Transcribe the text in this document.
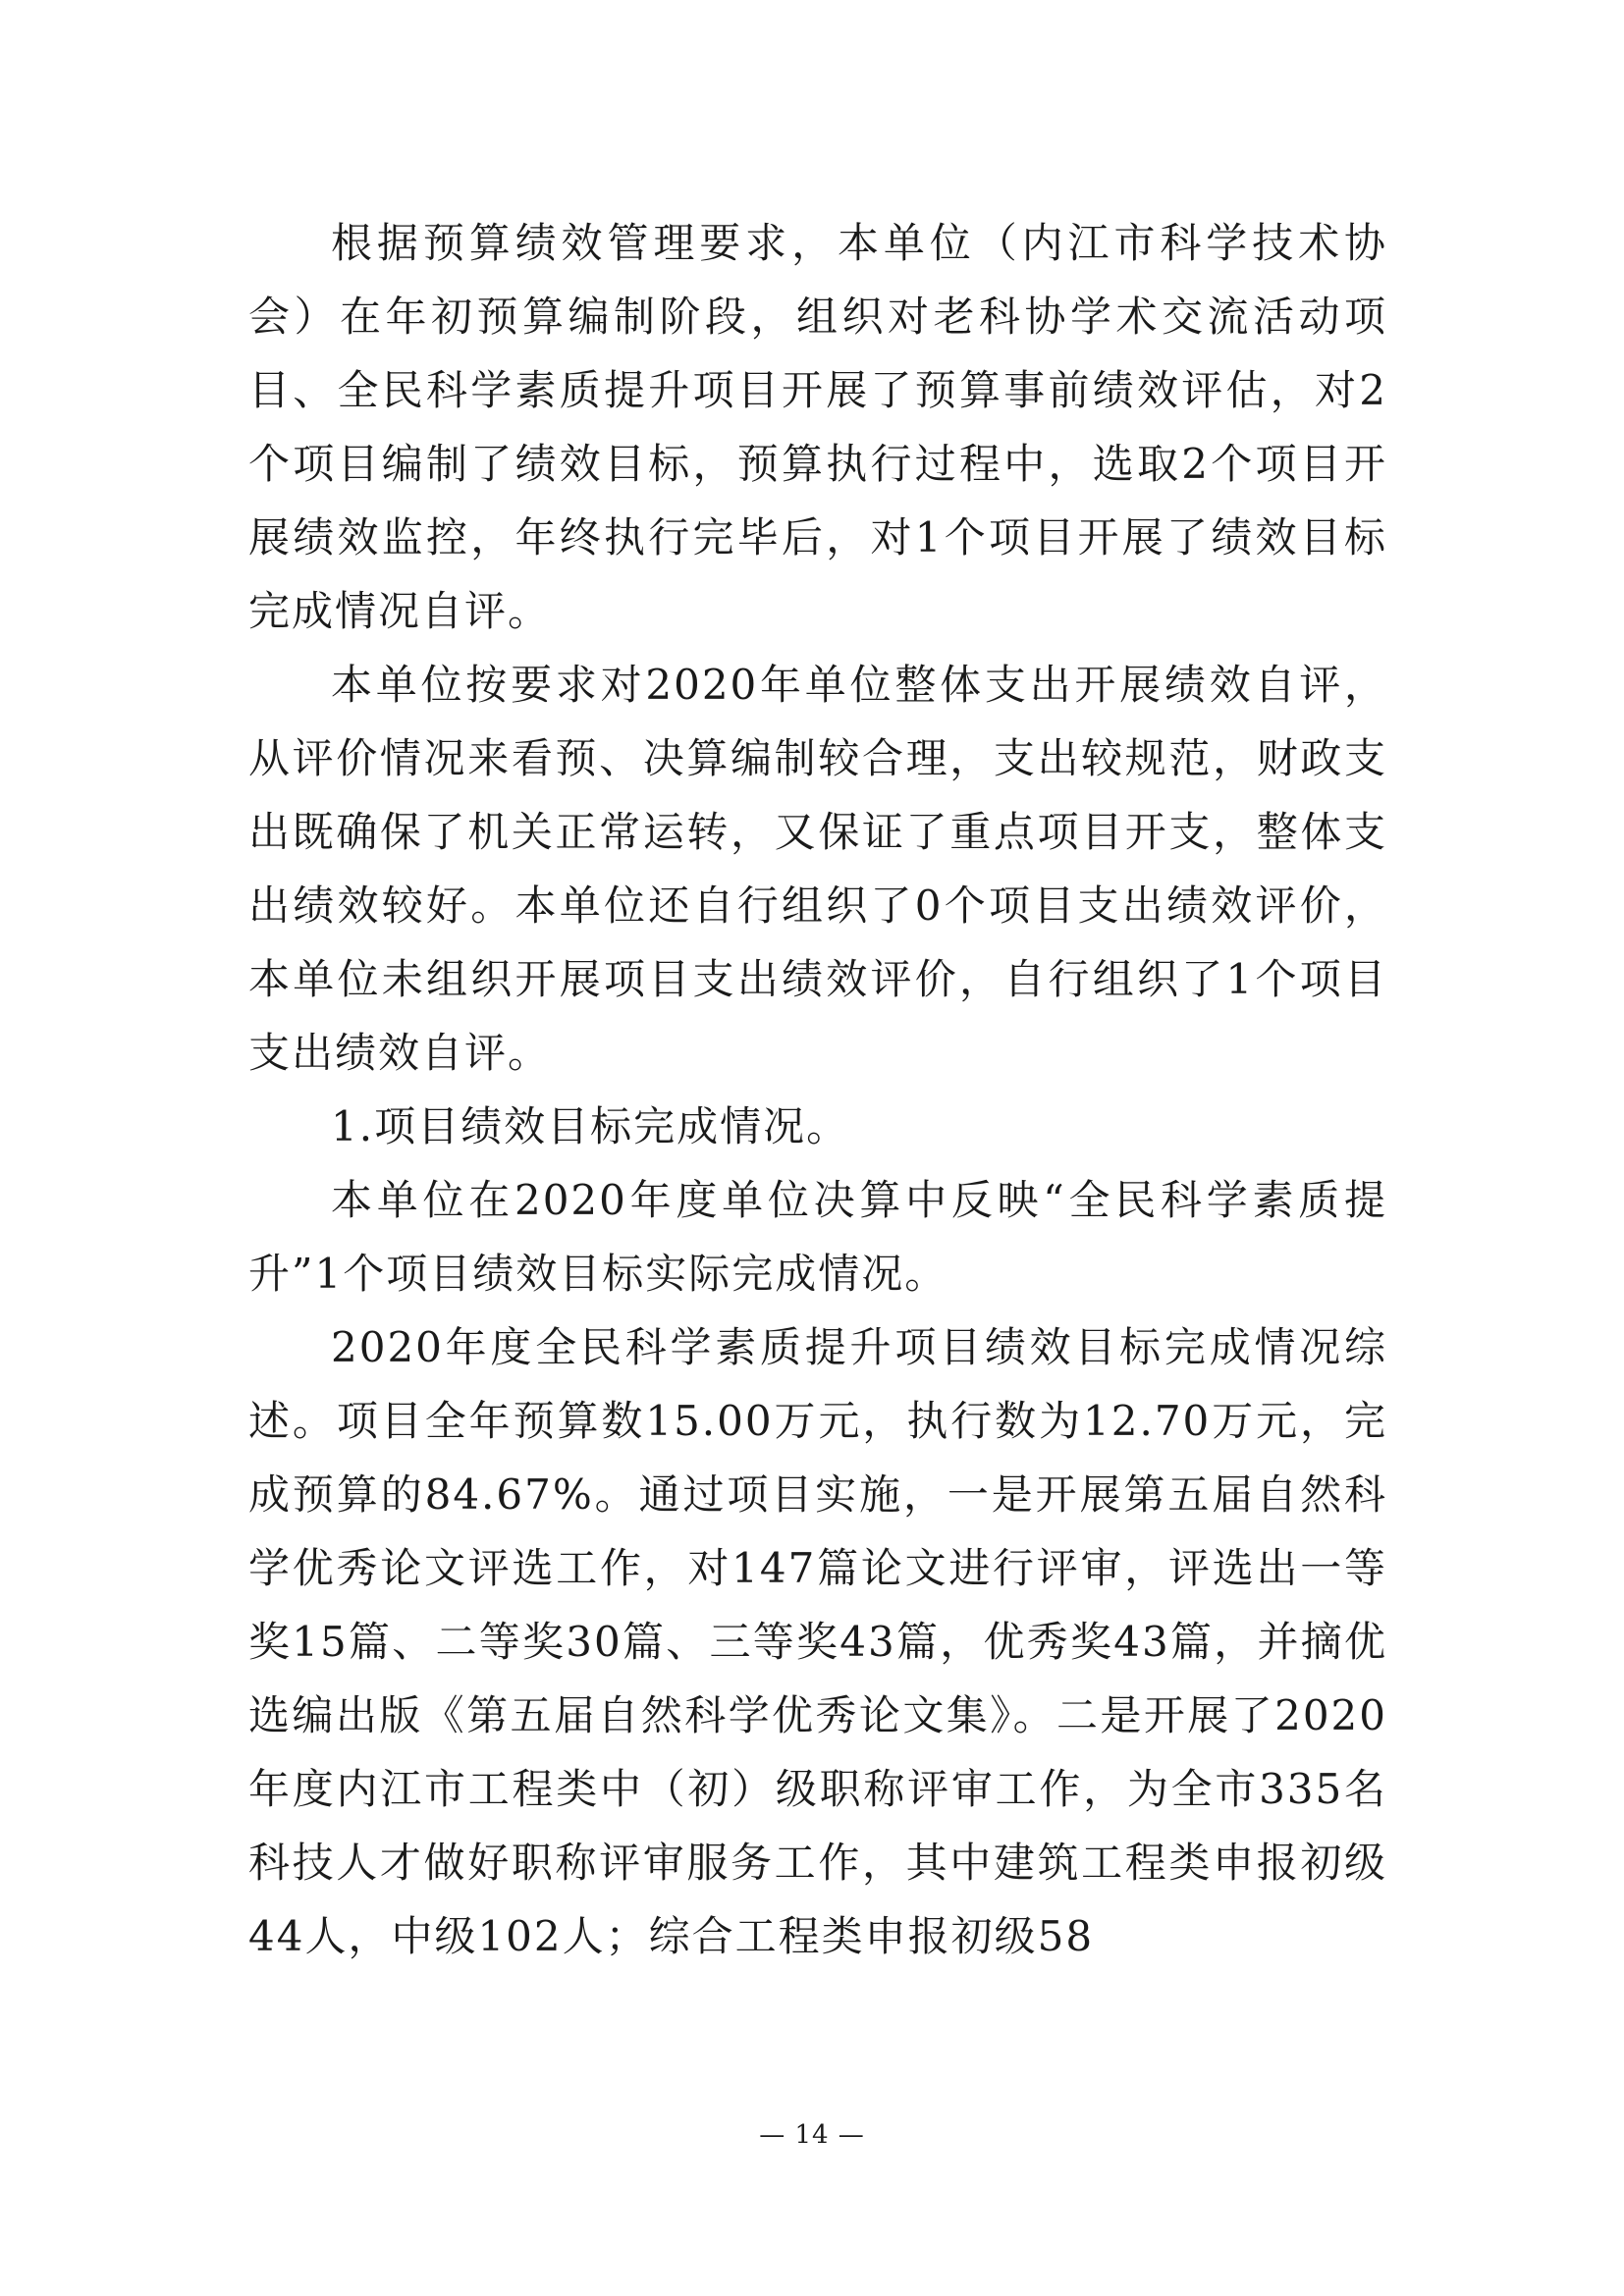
根据预算绩效管理要求，本单位（内江市科学技术协会）在年初预算编制阶段，组织对老科协学术交流活动项目、全民科学素质提升项目开展了预算事前绩效评估，对2个项目编制了绩效目标，预算执行过程中，选取2个项目开展绩效监控，年终执行完毕后，对1个项目开展了绩效目标完成情况自评。

本单位按要求对2020年单位整体支出开展绩效自评，从评价情况来看预、决算编制较合理，支出较规范，财政支出既确保了机关正常运转，又保证了重点项目开支，整体支出绩效较好。本单位还自行组织了0个项目支出绩效评价，本单位未组织开展项目支出绩效评价，自行组织了1个项目支出绩效自评。

1.项目绩效目标完成情况。

本单位在2020年度单位决算中反映“全民科学素质提升”1个项目绩效目标实际完成情况。

2020年度全民科学素质提升项目绩效目标完成情况综述。项目全年预算数15.00万元，执行数为12.70万元，完成预算的84.67%。通过项目实施，一是开展第五届自然科学优秀论文评选工作，对147篇论文进行评审，评选出一等奖15篇、二等奖30篇、三等奖43篇，优秀奖43篇，并摘优选编出版《第五届自然科学优秀论文集》。二是开展了2020年度内江市工程类中（初）级职称评审工作，为全市335名科技人才做好职称评审服务工作，其中建筑工程类申报初级44人，中级102人；综合工程类申报初级58

— 14 —
